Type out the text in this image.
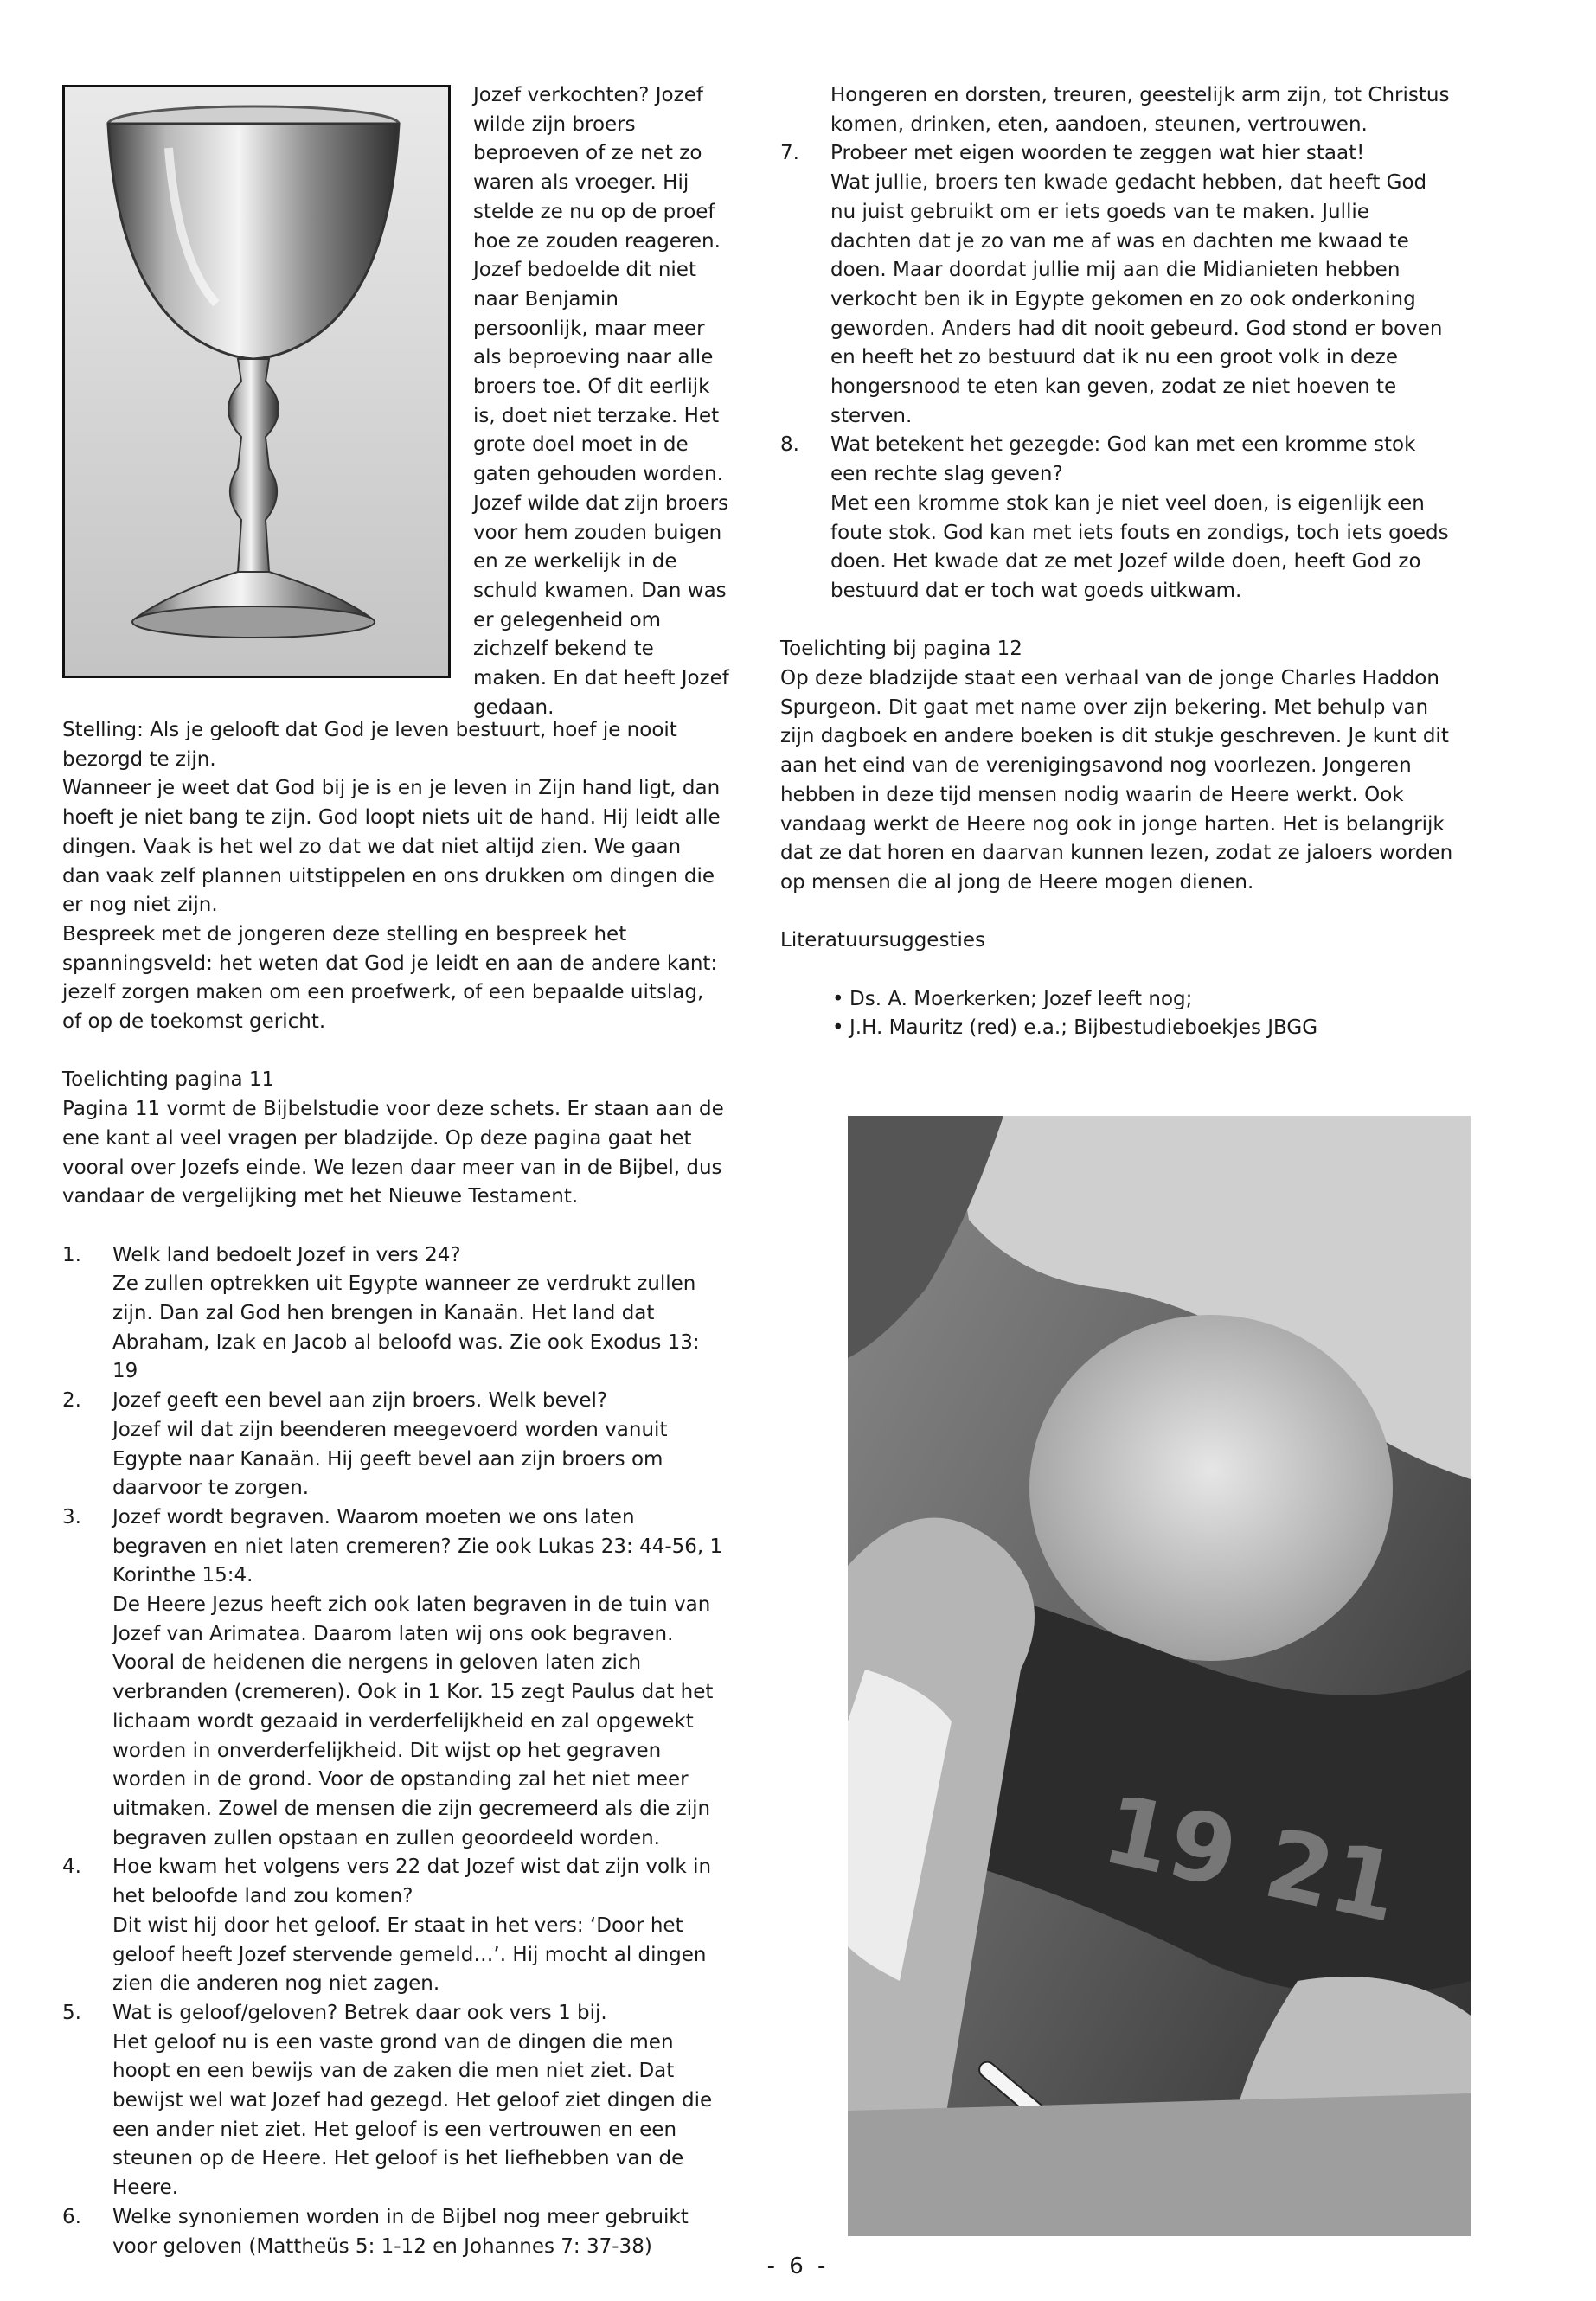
Jozef verkochten? Jozef wilde zijn broers beproeven of ze net zo waren als vroeger. Hij stelde ze nu op de proef hoe ze zouden reageren. Jozef bedoelde dit niet naar Benjamin persoonlijk, maar meer als beproeving naar alle broers toe. Of dit eerlijk is, doet niet terzake. Het grote doel moet in de gaten gehouden worden. Jozef wilde dat zijn broers voor hem zouden buigen en ze werkelijk in de schuld kwamen. Dan was er gelegenheid om zichzelf bekend te maken. En dat heeft Jozef gedaan.

Stelling: Als je gelooft dat God je leven bestuurt, hoef je nooit bezorgd te zijn.

Wanneer je weet dat God bij je is en je leven in Zijn hand ligt, dan hoeft je niet bang te zijn. God loopt niets uit de hand. Hij leidt alle dingen. Vaak is het wel zo dat we dat niet altijd zien. We gaan dan vaak zelf plannen uitstippelen en ons drukken om dingen die er nog niet zijn.

Bespreek met de jongeren deze stelling en bespreek het spanningsveld: het weten dat God je leidt en aan de andere kant: jezelf zorgen maken om een proefwerk, of een bepaalde uitslag, of op de toekomst gericht.

Toelichting pagina 11

Pagina 11 vormt de Bijbelstudie voor deze schets. Er staan aan de ene kant al veel vragen per bladzijde. Op deze pagina gaat het vooral over Jozefs einde. We lezen daar meer van in de Bijbel, dus vandaar de vergelijking met het Nieuwe Testament.

1. Welk land bedoelt Jozef in vers 24?

Ze zullen optrekken uit Egypte wanneer ze verdrukt zullen zijn. Dan zal God hen brengen in Kanaän. Het land dat Abraham, Izak en Jacob al beloofd was. Zie ook Exodus 13: 19

2. Jozef geeft een bevel aan zijn broers. Welk bevel?

Jozef wil dat zijn beenderen meegevoerd worden vanuit Egypte naar Kanaän. Hij geeft bevel aan zijn broers om daarvoor te zorgen.

3. Jozef wordt begraven. Waarom moeten we ons laten begraven en niet laten cremeren? Zie ook Lukas 23: 44-56, 1 Korinthe 15:4.

De Heere Jezus heeft zich ook laten begraven in de tuin van Jozef van Arimatea. Daarom laten wij ons ook begraven. Vooral de heidenen die nergens in geloven laten zich verbranden (cremeren). Ook in 1 Kor. 15 zegt Paulus dat het lichaam wordt gezaaid in verderfelijkheid en zal opgewekt worden in onverderfelijkheid. Dit wijst op het gegraven worden in de grond. Voor de opstanding zal het niet meer uitmaken. Zowel de mensen die zijn gecremeerd als die zijn begraven zullen opstaan en zullen geoordeeld worden.

4. Hoe kwam het volgens vers 22 dat Jozef wist dat zijn volk in het beloofde land zou komen?

Dit wist hij door het geloof. Er staat in het vers: ‘Door het geloof heeft Jozef stervende gemeld…’. Hij mocht al dingen zien die anderen nog niet zagen.

5. Wat is geloof/geloven? Betrek daar ook vers 1 bij.

Het geloof nu is een vaste grond van de dingen die men hoopt en een bewijs van de zaken die men niet ziet. Dat bewijst wel wat Jozef had gezegd. Het geloof ziet dingen die een ander niet ziet. Het geloof is een vertrouwen en een steunen op de Heere. Het geloof is het liefhebben van de Heere.

6. Welke synoniemen worden in de Bijbel nog meer gebruikt voor geloven (Mattheüs 5: 1-12 en Johannes 7: 37-38)

Hongeren en dorsten, treuren, geestelijk arm zijn, tot Christus komen, drinken, eten, aandoen, steunen, vertrouwen.

7. Probeer met eigen woorden te zeggen wat hier staat!

Wat jullie, broers ten kwade gedacht hebben, dat heeft God nu juist gebruikt om er iets goeds van te maken. Jullie dachten dat je zo van me af was en dachten me kwaad te doen. Maar doordat jullie mij aan die Midianieten hebben verkocht ben ik in Egypte gekomen en zo ook onderkoning geworden. Anders had dit nooit gebeurd. God stond er boven en heeft het zo bestuurd dat ik nu een groot volk in deze hongersnood te eten kan geven, zodat ze niet hoeven te sterven.

8. Wat betekent het gezegde: God kan met een kromme stok een rechte slag geven?

Met een kromme stok kan je niet veel doen, is eigenlijk een foute stok. God kan met iets fouts en zondigs, toch iets goeds doen. Het kwade dat ze met Jozef wilde doen, heeft God zo bestuurd dat er toch wat goeds uitkwam.

Toelichting bij pagina 12

Op deze bladzijde staat een verhaal van de jonge Charles Haddon Spurgeon. Dit gaat met name over zijn bekering. Met behulp van zijn dagboek en andere boeken is dit stukje geschreven. Je kunt dit aan het eind van de verenigingsavond nog voorlezen. Jongeren hebben in deze tijd mensen nodig waarin de Heere werkt. Ook vandaag werkt de Heere nog ook in jonge harten. Het is belangrijk dat ze dat horen en daarvan kunnen lezen, zodat ze jaloers worden op mensen die al jong de Heere mogen dienen.

Literatuursuggesties

• Ds. A. Moerkerken; Jozef leeft nog;
• J.H. Mauritz (red) e.a.; Bijbestudieboekjes JBGG
19 21
- 6 -
